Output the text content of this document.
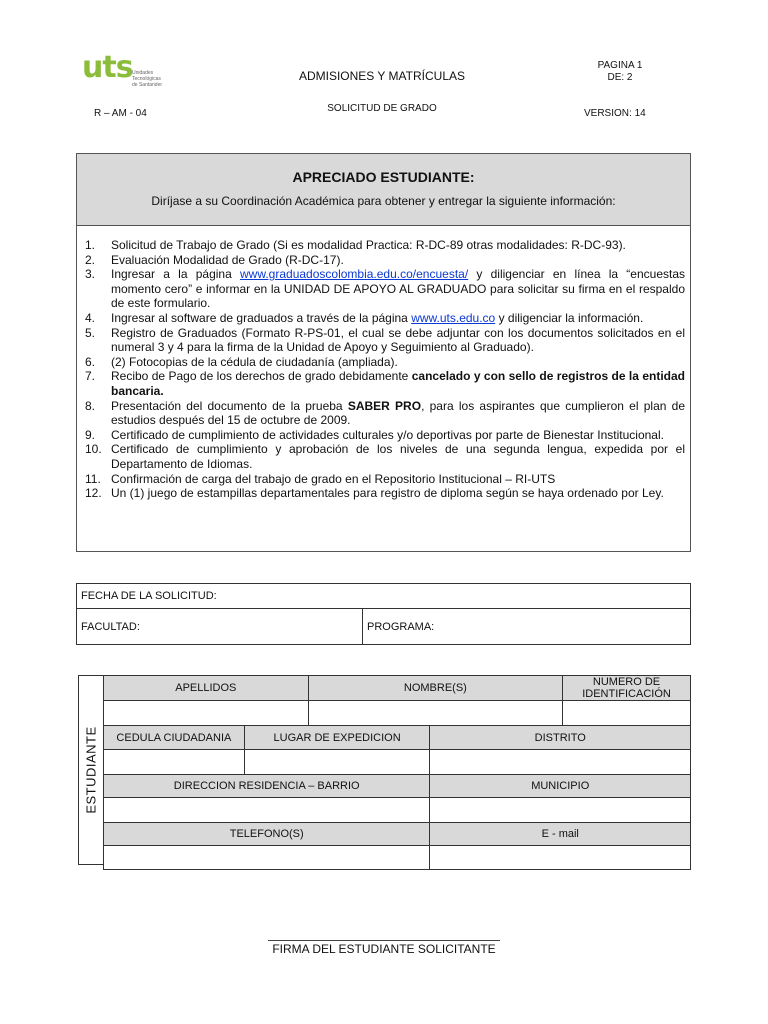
uts Unidades
Tecnológicas
de Santander
ADMISIONES Y MATRÍCULAS
SOLICITUD DE GRADO
R – AM - 04
PAGINA 1
DE: 2
VERSION: 14
APRECIADO ESTUDIANTE:
Diríjase a su Coordinación Académica para obtener y entregar la siguiente información:
1.	Solicitud de Trabajo de Grado (Si es modalidad Practica: R-DC-89 otras modalidades: R-DC-93).
2.	Evaluación Modalidad de Grado (R-DC-17).
3.	Ingresar a la página www.graduadoscolombia.edu.co/encuesta/ y diligenciar en línea la “encuestas momento cero” e informar en la UNIDAD DE APOYO AL GRADUADO para solicitar su firma en el respaldo de este formulario.
4.	Ingresar al software de graduados a través de la página www.uts.edu.co y diligenciar la información.
5.	Registro de Graduados (Formato R-PS-01, el cual se debe adjuntar con los documentos solicitados en el numeral 3 y 4 para la firma de la Unidad de Apoyo y Seguimiento al Graduado).
6.	(2) Fotocopias de la cédula de ciudadanía (ampliada).
7.	Recibo de Pago de los derechos de grado debidamente cancelado y con sello de registros de la entidad bancaria.
8.	Presentación del documento de la prueba SABER PRO, para los aspirantes que cumplieron el plan de estudios después del 15 de octubre de 2009.
9.	Certificado de cumplimiento de actividades culturales y/o deportivas por parte de Bienestar Institucional.
10. Certificado de cumplimiento y aprobación de los niveles de una segunda lengua, expedida por el Departamento de Idiomas.
11. Confirmación de carga del trabajo de grado en el Repositorio Institucional – RI-UTS
12. Un (1) juego de estampillas departamentales para registro de diploma según se haya ordenado por Ley.
FECHA DE LA SOLICITUD:
FACULTAD:	PROGRAMA:
ESTUDIANTE
APELLIDOS		NOMBRE(S)		NUMERO DE IDENTIFICACIÓN

CEDULA CIUDADANIA	LUGAR DE EXPEDICION		DISTRITO	

DIRECCION RESIDENCIA – BARRIO			MUNICIPIO	

TELEFONO(S)			E - mail	

FIRMA DEL ESTUDIANTE SOLICITANTE
